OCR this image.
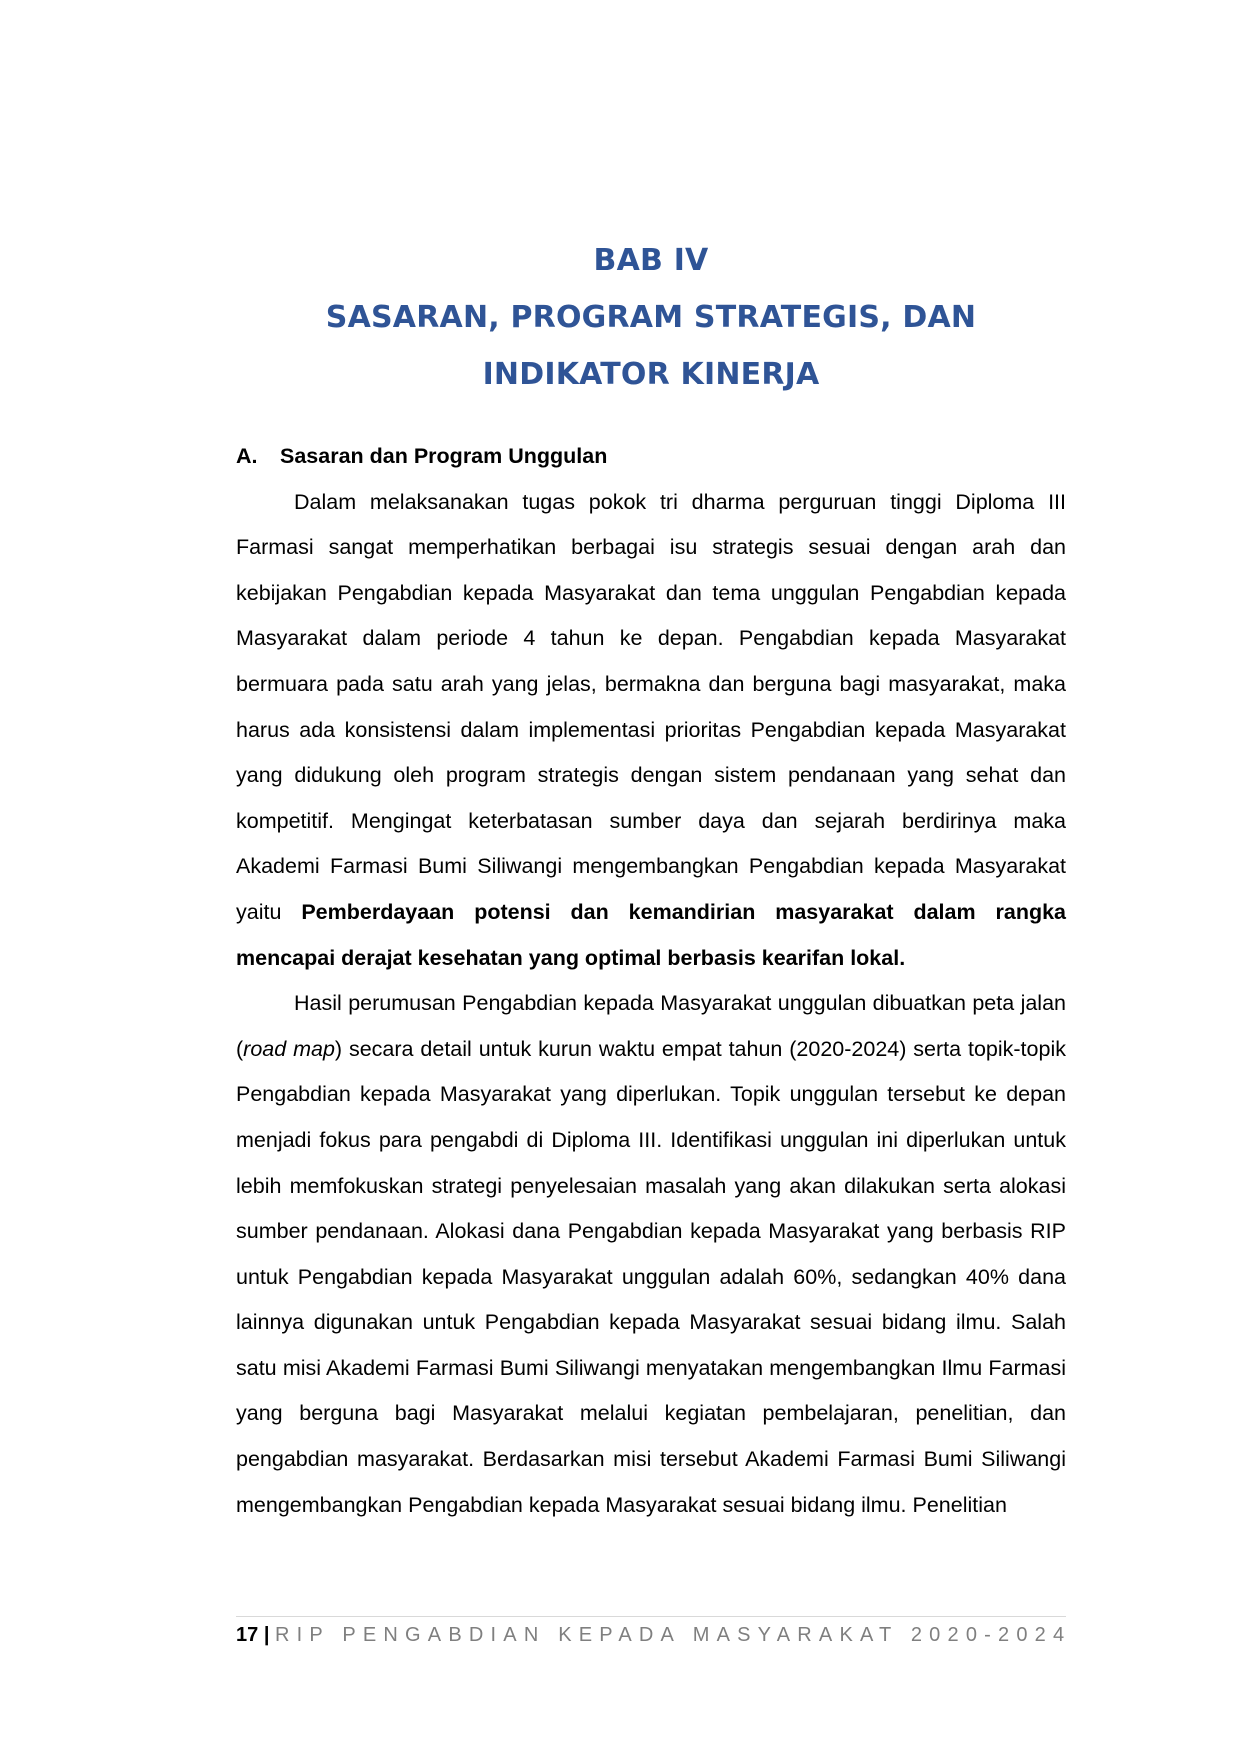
BAB IV
SASARAN, PROGRAM STRATEGIS, DAN
INDIKATOR KINERJA
A.	Sasaran dan Program Unggulan

Dalam melaksanakan tugas pokok tri dharma perguruan tinggi Diploma III Farmasi sangat memperhatikan berbagai isu strategis sesuai dengan arah dan kebijakan Pengabdian kepada Masyarakat dan tema unggulan Pengabdian kepada Masyarakat dalam periode 4 tahun ke depan. Pengabdian kepada Masyarakat bermuara pada satu arah yang jelas, bermakna dan berguna bagi masyarakat, maka harus ada konsistensi dalam implementasi prioritas Pengabdian kepada Masyarakat yang didukung oleh program strategis dengan sistem pendanaan yang sehat dan kompetitif. Mengingat keterbatasan sumber daya dan sejarah berdirinya maka Akademi Farmasi Bumi Siliwangi mengembangkan Pengabdian kepada Masyarakat yaitu Pemberdayaan potensi dan kemandirian masyarakat dalam rangka mencapai derajat kesehatan yang optimal berbasis kearifan lokal.

Hasil perumusan Pengabdian kepada Masyarakat unggulan dibuatkan peta jalan (road map) secara detail untuk kurun waktu empat tahun (2020-2024) serta topik-topik Pengabdian kepada Masyarakat yang diperlukan. Topik unggulan tersebut ke depan menjadi fokus para pengabdi di Diploma III. Identifikasi unggulan ini diperlukan untuk lebih memfokuskan strategi penyelesaian masalah yang akan dilakukan serta alokasi sumber pendanaan. Alokasi dana Pengabdian kepada Masyarakat yang berbasis RIP untuk Pengabdian kepada Masyarakat unggulan adalah 60%, sedangkan 40% dana lainnya digunakan untuk Pengabdian kepada Masyarakat sesuai bidang ilmu. Salah satu misi Akademi Farmasi Bumi Siliwangi menyatakan mengembangkan Ilmu Farmasi yang berguna bagi Masyarakat melalui kegiatan pembelajaran, penelitian, dan pengabdian masyarakat. Berdasarkan misi tersebut Akademi Farmasi Bumi Siliwangi mengembangkan Pengabdian kepada Masyarakat sesuai bidang ilmu. Penelitian

17 | RIP PENGABDIAN KEPADA MASYARAKAT 2020-2024
